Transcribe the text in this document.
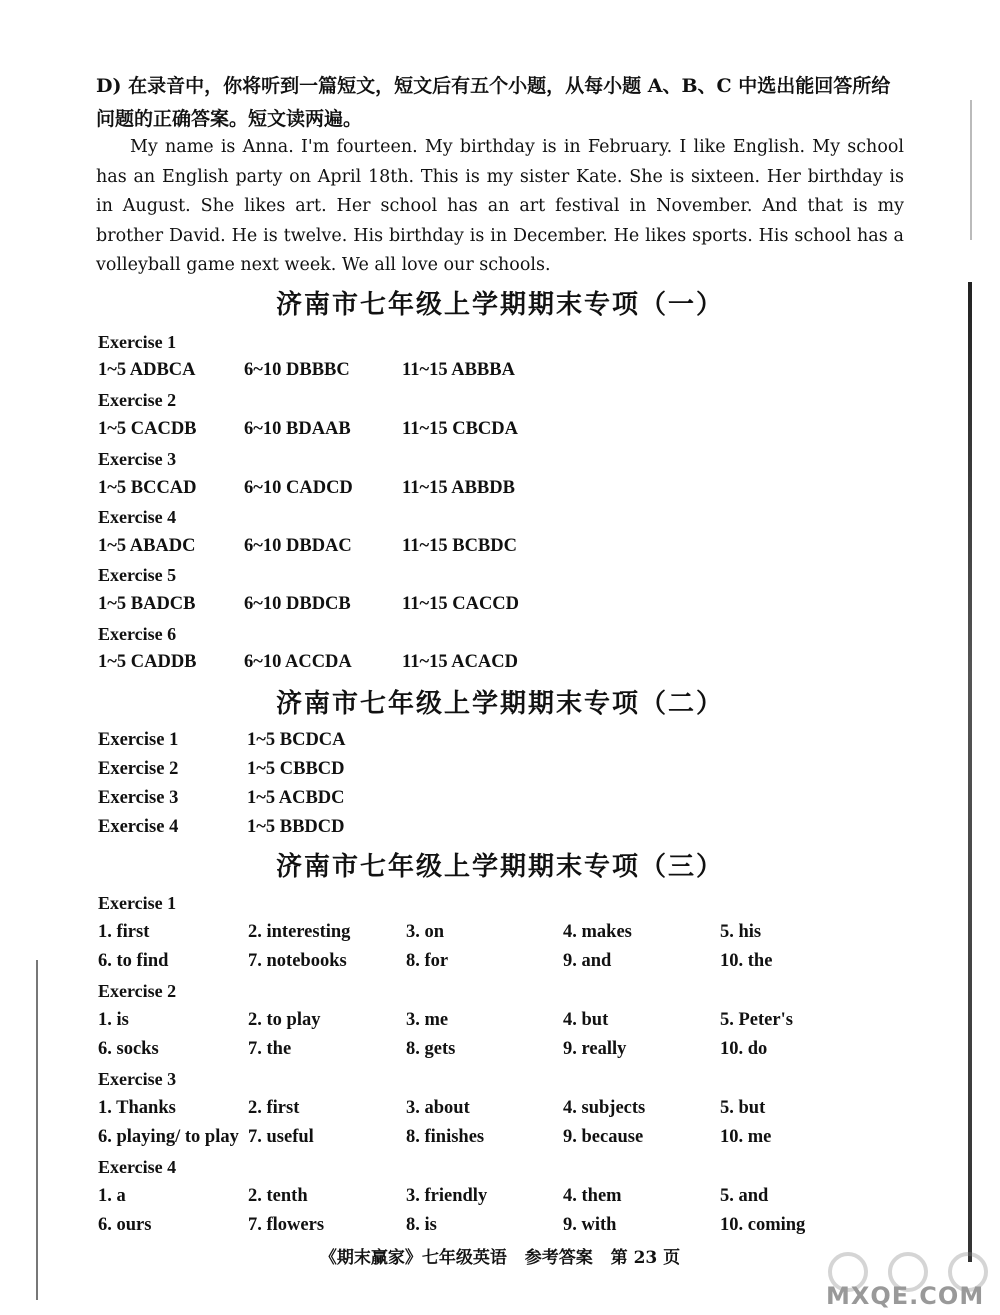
D) 在录音中，你将听到一篇短文，短文后有五个小题，从每小题 A、B、C 中选出能回答所给问题的正确答案。短文读两遍。

My name is Anna. I'm fourteen. My birthday is in February. I like English. My school has an English party on April 18th. This is my sister Kate. She is sixteen. Her birthday is in August. She likes art. Her school has an art festival in November. And that is my brother David. He is twelve. His birthday is in December. He likes sports. His school has a volleyball game next week. We all love our schools.

济南市七年级上学期期末专项（一）
Exercise 1
1~5 ADBCA	6~10 DBBBC	11~15 ABBBA
Exercise 2
1~5 CACDB	6~10 BDAAB	11~15 CBCDA
Exercise 3
1~5 BCCAD	6~10 CADCD	11~15 ABBDB
Exercise 4
1~5 ABADC	6~10 DBDAC	11~15 BCBDC
Exercise 5
1~5 BADCB	6~10 DBDCB	11~15 CACCD
Exercise 6
1~5 CADDB	6~10 ACCDA	11~15 ACACD
济南市七年级上学期期末专项（二）
Exercise 1	1~5 BCDCA
Exercise 2	1~5 CBBCD
Exercise 3	1~5 ACBDC
Exercise 4	1~5 BBDCD
济南市七年级上学期期末专项（三）
Exercise 1
1. first	2. interesting	3. on	4. makes	5. his
6. to find	7. notebooks	8. for	9. and	10. the
Exercise 2
1. is	2. to play	3. me	4. but	5. Peter's
6. socks	7. the	8. gets	9. really	10. do
Exercise 3
1. Thanks	2. first	3. about	4. subjects	5. but
6. playing/ to play 7. useful	8. finishes	9. because	10. me
Exercise 4
1. a	2. tenth	3. friendly	4. them	5. and
6. ours	7. flowers	8. is	9. with	10. coming
《期末赢家》七年级英语 参考答案 第 23 页
MXQE.COM
